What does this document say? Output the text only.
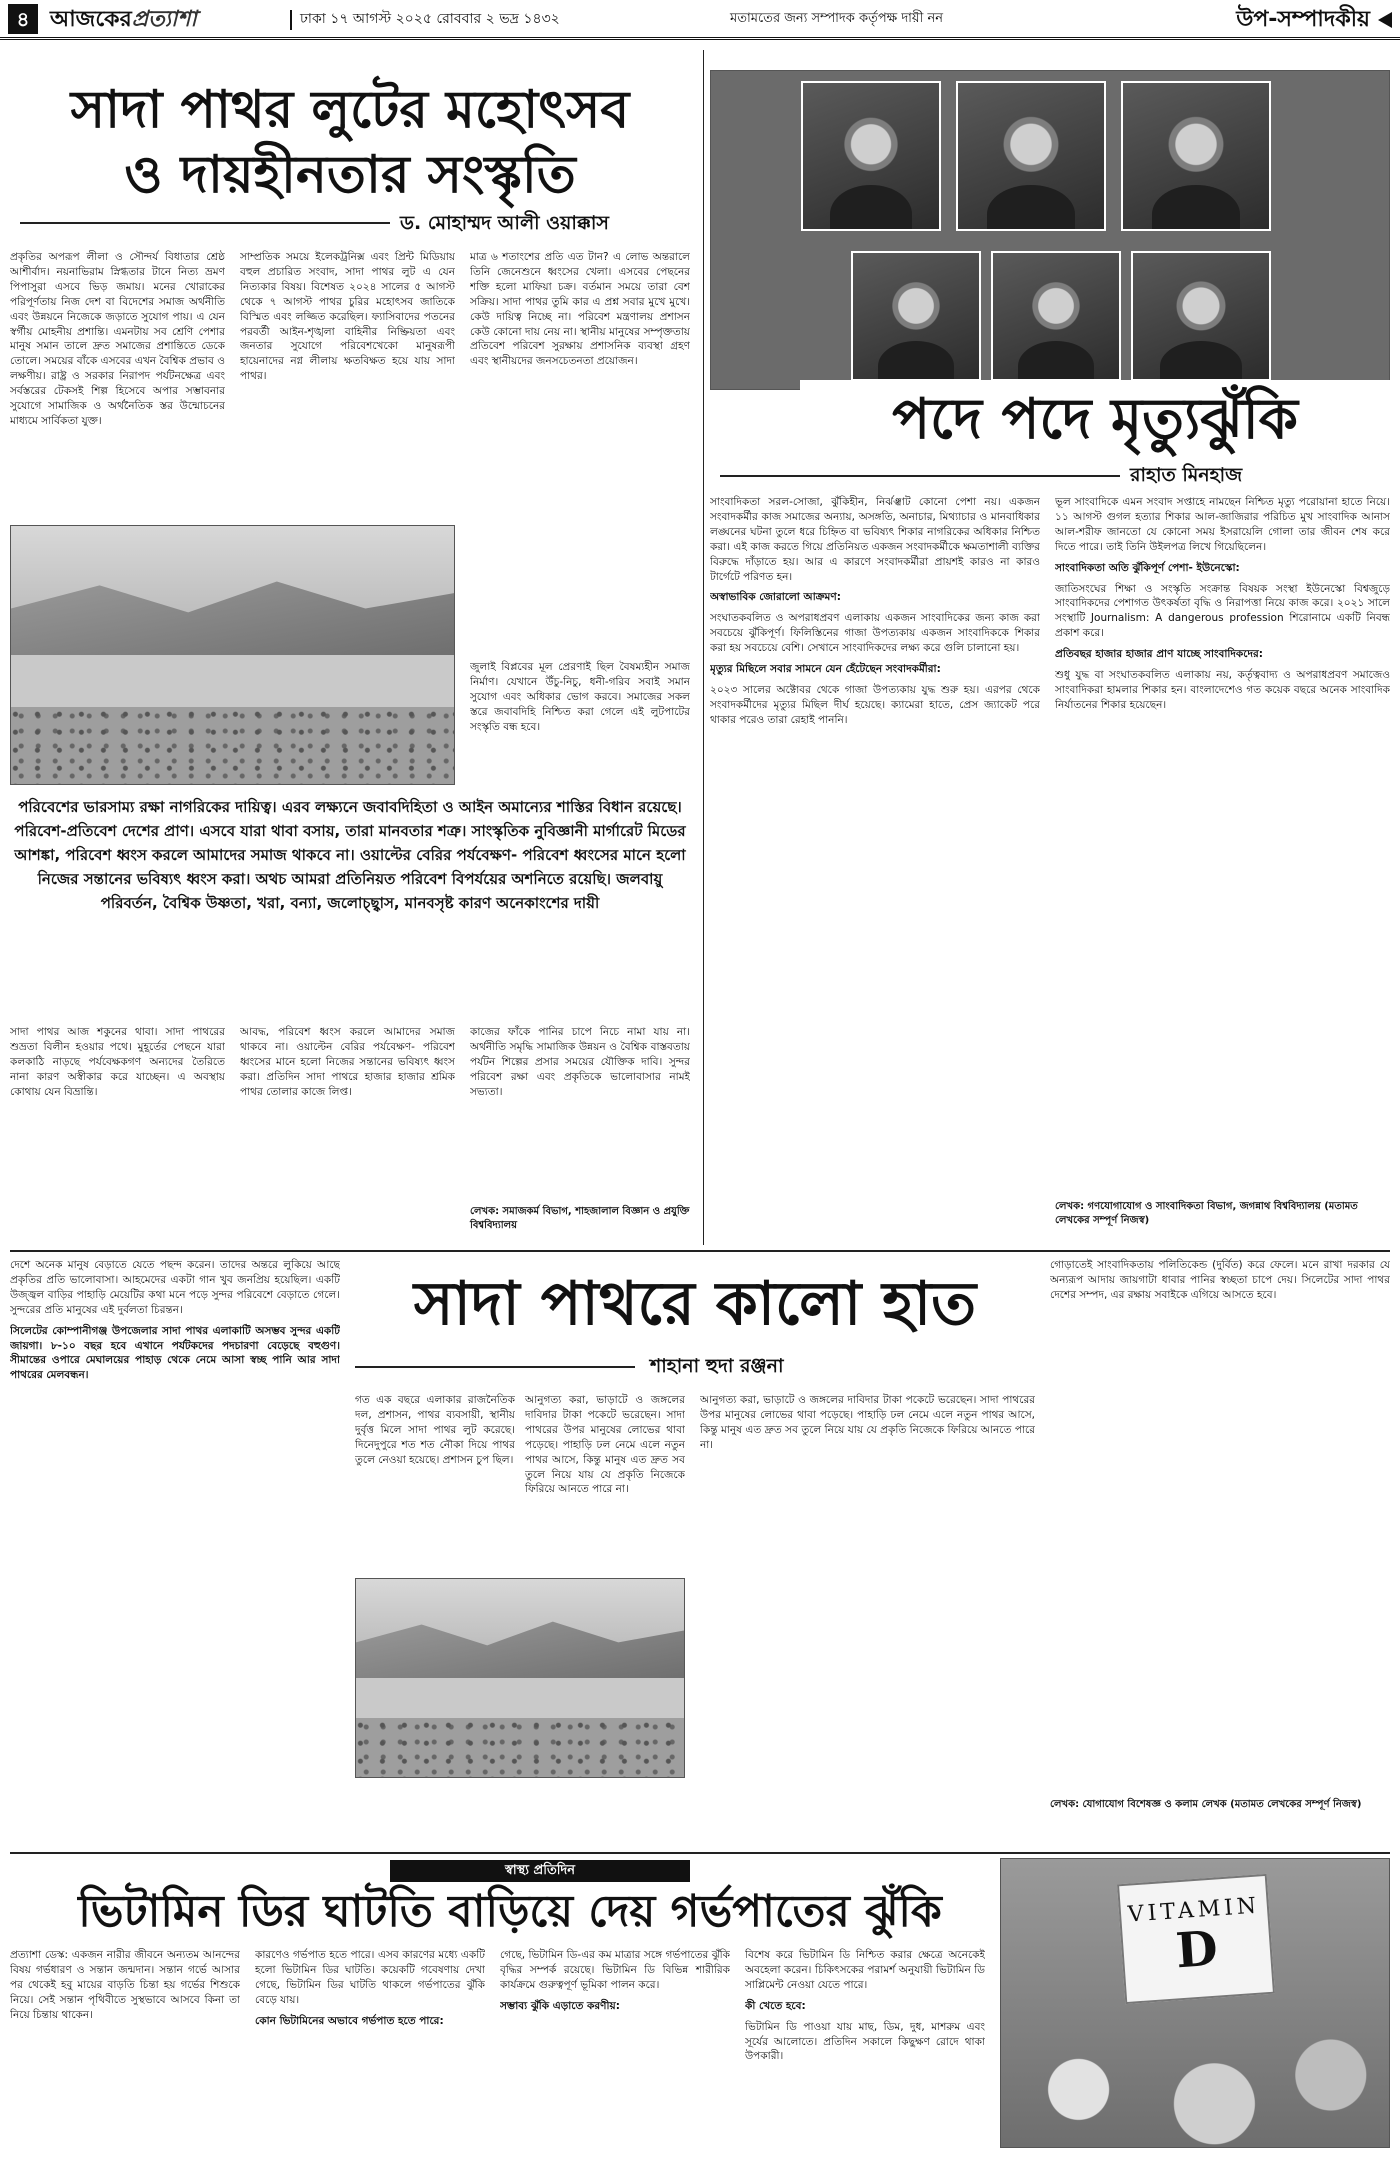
৪ আজকেরপ্রত্যাশা	ঢাকা ১৭ আগস্ট ২০২৫ রোববার ২ ভদ্র ১৪৩২	মতামতের জন্য সম্পাদক কর্তৃপক্ষ দায়ী নন	উপ-সম্পাদকীয়
সাদা পাথর লুটের মহোৎসব
ও দায়হীনতার সংস্কৃতি
ড. মোহাম্মদ আলী ওয়াক্কাস
প্রকৃতির অপরূপ লীলা ও সৌন্দর্য বিধাতার শ্রেষ্ঠ আশীর্বাদ। নয়নাভিরাম স্নিগ্ধতার টানে নিত্য ভ্রমণ পিপাসুরা এসবে ভিড় জমায়। মনের খোরাকের পরিপূর্ণতায় নিজ দেশ বা বিদেশের সমাজ অর্থনীতি এবং উন্নয়নে নিজেকে জড়াতে সুযোগ পায়। এ যেন স্বর্গীয় মোহনীয় প্রশান্তি। এমনটায় সব শ্রেণি পেশার মানুষ সমান তালে দ্রুত সমাজের প্রশান্তিতে ডেকে তোলে। সময়ের বাঁকে এসবের এখন বৈশ্বিক প্রভাব ও লক্ষণীয়। রাষ্ট্র ও সরকার নিরাপদ পর্যটনক্ষেত্র এবং সর্বস্তরের টেকসই শিল্প হিসেবে অপার সম্ভাবনার সুযোগে সামাজিক ও অর্থনৈতিক স্তর উন্মোচনের মাধ্যমে সার্বিকতা যুক্ত।
সাম্প্রতিক সময়ে ইলেকট্রনিক্স এবং প্রিন্ট মিডিয়ায় বহুল প্রচারিত সংবাদ, সাদা পাথর লুট এ যেন নিত্যকার বিষয়। বিশেষত ২০২৪ সালের ৫ আগস্ট থেকে ৭ আগস্ট পাথর চুরির মহোৎসব জাতিকে বিস্মিত এবং লজ্জিত করেছিল। ফ্যাসিবাদের পতনের পরবর্তী আইন-শৃঙ্খলা বাহিনীর নিষ্ক্রিয়তা এবং জনতার সুযোগে পরিবেশখেকো মানুষরূপী হায়েনাদের নগ্ন লীলায় ক্ষতবিক্ষত হয়ে যায় সাদা পাথর।
মাত্র ৬ শতাংশের প্রতি এত টান? এ লোভ অন্তরালে তিনি জেনেশুনে ধ্বংসের খেলা। এসবের পেছনের শক্তি হলো মাফিয়া চক্র। বর্তমান সময়ে তারা বেশ সক্রিয়। সাদা পাথর তুমি কার এ প্রশ্ন সবার মুখে মুখে। কেউ দায়িত্ব নিচ্ছে না। পরিবেশ মন্ত্রণালয় প্রশাসন কেউ কোনো দায় নেয় না। স্থানীয় মানুষের সম্পৃক্ততায় প্রতিবেশ পরিবেশ সুরক্ষায় প্রশাসনিক ব্যবস্থা গ্রহণ এবং স্থানীয়দের জনসচেতনতা প্রয়োজন।
জুলাই বিপ্লবের মূল প্রেরণাই ছিল বৈষম্যহীন সমাজ নির্মাণ। যেখানে উঁচু-নিচু, ধনী-গরিব সবাই সমান সুযোগ এবং অধিকার ভোগ করবে। সমাজের সকল স্তরে জবাবদিহি নিশ্চিত করা গেলে এই লুটপাটের সংস্কৃতি বন্ধ হবে।
পরিবেশের ভারসাম্য রক্ষা নাগরিকের দায়িত্ব। এরব লক্ষ্যনে জবাবদিহিতা ও আইন অমান্যের শাস্তির বিধান রয়েছে। পরিবেশ-প্রতিবেশ দেশের প্রাণ। এসবে যারা থাবা বসায়, তারা মানবতার শত্রু। সাংস্কৃতিক নুবিজ্ঞানী মার্গারেট মিডের আশঙ্কা, পরিবেশ ধ্বংস করলে আমাদের সমাজ থাকবে না। ওয়াল্টের বেরির পর্যবেক্ষণ- পরিবেশ ধ্বংসের মানে হলো নিজের সন্তানের ভবিষ্যৎ ধ্বংস করা। অথচ আমরা প্রতিনিয়ত পরিবেশ বিপর্যয়ের অশনিতে রয়েছি। জলবায়ু পরিবর্তন, বৈশ্বিক উষ্ণতা, খরা, বন্যা, জলোচ্ছ্বাস, মানবসৃষ্ট কারণ অনেকাংশের দায়ী
সাদা পাথর আজ শকুনের থাবা। সাদা পাথরের শুভ্রতা বিলীন হওয়ার পথে। মুহূর্তের পেছনে যারা কলকাঠি নাড়ছে পর্যবেক্ষকগণ অন্যদের তৈরিতে নানা কারণ অস্বীকার করে যাচ্ছেন। এ অবস্থায় কোথায় যেন বিভ্রান্তি।
আবদ্ধ, পরিবেশ ধ্বংস করলে আমাদের সমাজ থাকবে না। ওয়াল্টেন বেরির পর্যবেক্ষণ- পরিবেশ ধ্বংসের মানে হলো নিজের সন্তানের ভবিষ্যৎ ধ্বংস করা। প্রতিদিন সাদা পাথরে হাজার হাজার শ্রমিক পাথর তোলার কাজে লিপ্ত।
কাজের ফাঁকে পানির চাপে নিচে নামা যায় না। অর্থনীতি সমৃদ্ধি সামাজিক উন্নয়ন ও বৈশ্বিক বাস্তবতায় পর্যটন শিল্পের প্রসার সময়ের যৌক্তিক দাবি। সুন্দর পরিবেশ রক্ষা এবং প্রকৃতিকে ভালোবাসার নামই সভ্যতা।
লেখক: সমাজকর্ম বিভাগ, শাহজালাল বিজ্ঞান ও প্রযুক্তি বিশ্ববিদ্যালয়
পদে পদে মৃত্যুঝুঁকি
রাহাত মিনহাজ

সাংবাদিকতা সরল-সোজা, ঝুঁকিহীন, নির্ঝঞ্ঝাট কোনো পেশা নয়। একজন সংবাদকর্মীর কাজ সমাজের অন্যায়, অসঙ্গতি, অনাচার, মিথ্যাচার ও মানবাধিকার লঙ্ঘনের ঘটনা তুলে ধরে চিহ্নিত বা ভবিষ্যৎ শিকার নাগরিকের অধিকার নিশ্চিত করা। এই কাজ করতে গিয়ে প্রতিনিয়ত একজন সংবাদকর্মীকে ক্ষমতাশালী ব্যক্তির বিরুদ্ধে দাঁড়াতে হয়। আর এ কারণে সংবাদকর্মীরা প্রায়শই কারও না কারও টার্গেটে পরিণত হন।

অস্বাভাবিক জোরালো আক্রমণ:

সংঘাতকবলিত ও অপরাধপ্রবণ এলাকায় একজন সাংবাদিকের জন্য কাজ করা সবচেয়ে ঝুঁকিপূর্ণ। ফিলিস্তিনের গাজা উপত্যকায় একজন সাংবাদিককে শিকার করা হয় সবচেয়ে বেশি। সেখানে সাংবাদিকদের লক্ষ্য করে গুলি চালানো হয়।

মৃত্যুর মিছিলে সবার সামনে যেন হেঁটেছেন সংবাদকর্মীরা:

২০২৩ সালের অক্টোবর থেকে গাজা উপত্যকায় যুদ্ধ শুরু হয়। এরপর থেকে সংবাদকর্মীদের মৃত্যুর মিছিল দীর্ঘ হয়েছে। ক্যামেরা হাতে, প্রেস জ্যাকেট পরে থাকার পরেও তারা রেহাই পাননি।

ভূল সাংবাদিকে এমন সংবাদ সপ্তাহে নামছেন নিশ্চিত মৃত্যু পরোয়ানা হাতে নিয়ে। ১১ আগস্ট গুগল হত্যার শিকার আল-জাজিরার পরিচিত মুখ সাংবাদিক আনাস আল-শরীফ জানতো যে কোনো সময় ইসরায়েলি গোলা তার জীবন শেষ করে দিতে পারে। তাই তিনি উইলপত্র লিখে গিয়েছিলেন।

সাংবাদিকতা অতি ঝুঁকিপূর্ণ পেশা- ইউনেস্কো:

জাতিসংঘের শিক্ষা ও সংস্কৃতি সংক্রান্ত বিষয়ক সংস্থা ইউনেস্কো বিশ্বজুড়ে সাংবাদিকদের পেশাগত উৎকর্ষতা বৃদ্ধি ও নিরাপত্তা নিয়ে কাজ করে। ২০২১ সালে সংস্থাটি Journalism: A dangerous profession শিরোনামে একটি নিবন্ধ প্রকাশ করে।

প্রতিবছর হাজার হাজার প্রাণ যাচ্ছে সাংবাদিকদের:

শুধু যুদ্ধ বা সংঘাতকবলিত এলাকায় নয়, কর্তৃত্ববাদ্য ও অপরাধপ্রবণ সমাজেও সাংবাদিকরা হামলার শিকার হন। বাংলাদেশেও গত কয়েক বছরে অনেক সাংবাদিক নির্যাতনের শিকার হয়েছেন।

লেখক: গণযোগাযোগ ও সাংবাদিকতা বিভাগ, জগন্নাথ বিশ্ববিদ্যালয় (মতামত লেখকের সম্পূর্ণ নিজস্ব)

দেশে অনেক মানুষ বেড়াতে যেতে পছন্দ করেন। তাদের অন্তরে লুকিয়ে আছে প্রকৃতির প্রতি ভালোবাসা। আহমেদের একটা গান খুব জনপ্রিয় হয়েছিল। একটি উজ্জ্বল বাড়ির পাহাড়ি মেয়েটির কথা মনে পড়ে সুন্দর পরিবেশে বেড়াতে গেলে। সুন্দরের প্রতি মানুষের এই দুর্বলতা চিরন্তন।

সিলেটের কোম্পানীগঞ্জ উপজেলার সাদা পাথর এলাকাটি অসম্ভব সুন্দর একটি জায়গা। ৮-১০ বছর হবে এখানে পর্যটকদের পদচারণা বেড়েছে বহুগুণ। সীমান্তের ওপারে মেঘালয়ের পাহাড় থেকে নেমে আসা স্বচ্ছ পানি আর সাদা পাথরের মেলবন্ধন।

সাদা পাথরে কালো হাত
শাহানা হুদা রঞ্জনা
গত এক বছরে এলাকার রাজনৈতিক দল, প্রশাসন, পাথর ব্যবসায়ী, স্থানীয় দুর্বৃত্ত মিলে সাদা পাথর লুট করেছে। দিনেদুপুরে শত শত নৌকা দিয়ে পাথর তুলে নেওয়া হয়েছে। প্রশাসন চুপ ছিল।
আনুগত্য করা, ভাড়াটে ও জঙ্গলের দাবিদার টাকা পকেটে ভরেছেন। সাদা পাথরের উপর মানুষের লোভের থাবা পড়েছে। পাহাড়ি ঢল নেমে এলে নতুন পাথর আসে, কিন্তু মানুষ এত দ্রুত সব তুলে নিয়ে যায় যে প্রকৃতি নিজেকে ফিরিয়ে আনতে পারে না।
আনুগত্য করা, ভাড়াটে ও জঙ্গলের দাবিদার টাকা পকেটে ভরেছেন। সাদা পাথরের উপর মানুষের লোভের থাবা পড়েছে। পাহাড়ি ঢল নেমে এলে নতুন পাথর আসে, কিন্তু মানুষ এত দ্রুত সব তুলে নিয়ে যায় যে প্রকৃতি নিজেকে ফিরিয়ে আনতে পারে না।
গোড়াতেই সাংবাদিকতায় পলিতিকেন্ড (দুর্বিত) করে ফেলে। মনে রাখা দরকার যে অন্যরূপ আদায় জায়গাটা ধাবার পানির স্বচ্ছতা চাপে দেয়। সিলেটের সাদা পাথর দেশের সম্পদ, এর রক্ষায় সবাইকে এগিয়ে আসতে হবে।
লেখক: যোগাযোগ বিশেষজ্ঞ ও কলাম লেখক (মতামত লেখকের সম্পূর্ণ নিজস্ব)
স্বাস্থ্য প্রতিদিন
ভিটামিন ডির ঘাটতি বাড়িয়ে দেয় গর্ভপাতের ঝুঁকি
প্রত্যাশা ডেস্ক: একজন নারীর জীবনে অন্যতম আনন্দের বিষয় গর্ভধারণ ও সন্তান জন্মদান। সন্তান গর্ভে আসার পর থেকেই হবু মায়ের বাড়তি চিন্তা হয় গর্ভের শিশুকে নিয়ে। সেই সন্তান পৃথিবীতে সুস্থভাবে আসবে কিনা তা নিয়ে চিন্তায় থাকেন।

কারণেও গর্ভপাত হতে পারে। এসব কারণের মধ্যে একটি হলো ভিটামিন ডির ঘাটতি। কয়েকটি গবেষণায় দেখা গেছে, ভিটামিন ডির ঘাটতি থাকলে গর্ভপাতের ঝুঁকি বেড়ে যায়।

কোন ভিটামিনের অভাবে গর্ভপাত হতে পারে:

গেছে, ভিটামিন ডি-এর কম মাত্রার সঙ্গে গর্ভপাতের ঝুঁকি বৃদ্ধির সম্পর্ক রয়েছে। ভিটামিন ডি বিভিন্ন শারীরিক কার্যক্রমে গুরুত্বপূর্ণ ভূমিকা পালন করে।

সম্ভাব্য ঝুঁকি এড়াতে করণীয়:

বিশেষ করে ভিটামিন ডি নিশ্চিত করার ক্ষেত্রে অনেকেই অবহেলা করেন। চিকিৎসকের পরামর্শ অনুযায়ী ভিটামিন ডি সাপ্লিমেন্ট নেওয়া যেতে পারে।

কী খেতে হবে:

ভিটামিন ডি পাওয়া যায় মাছ, ডিম, দুধ, মাশরুম এবং সূর্যের আলোতে। প্রতিদিন সকালে কিছুক্ষণ রোদে থাকা উপকারী।

VITAMIN
D
